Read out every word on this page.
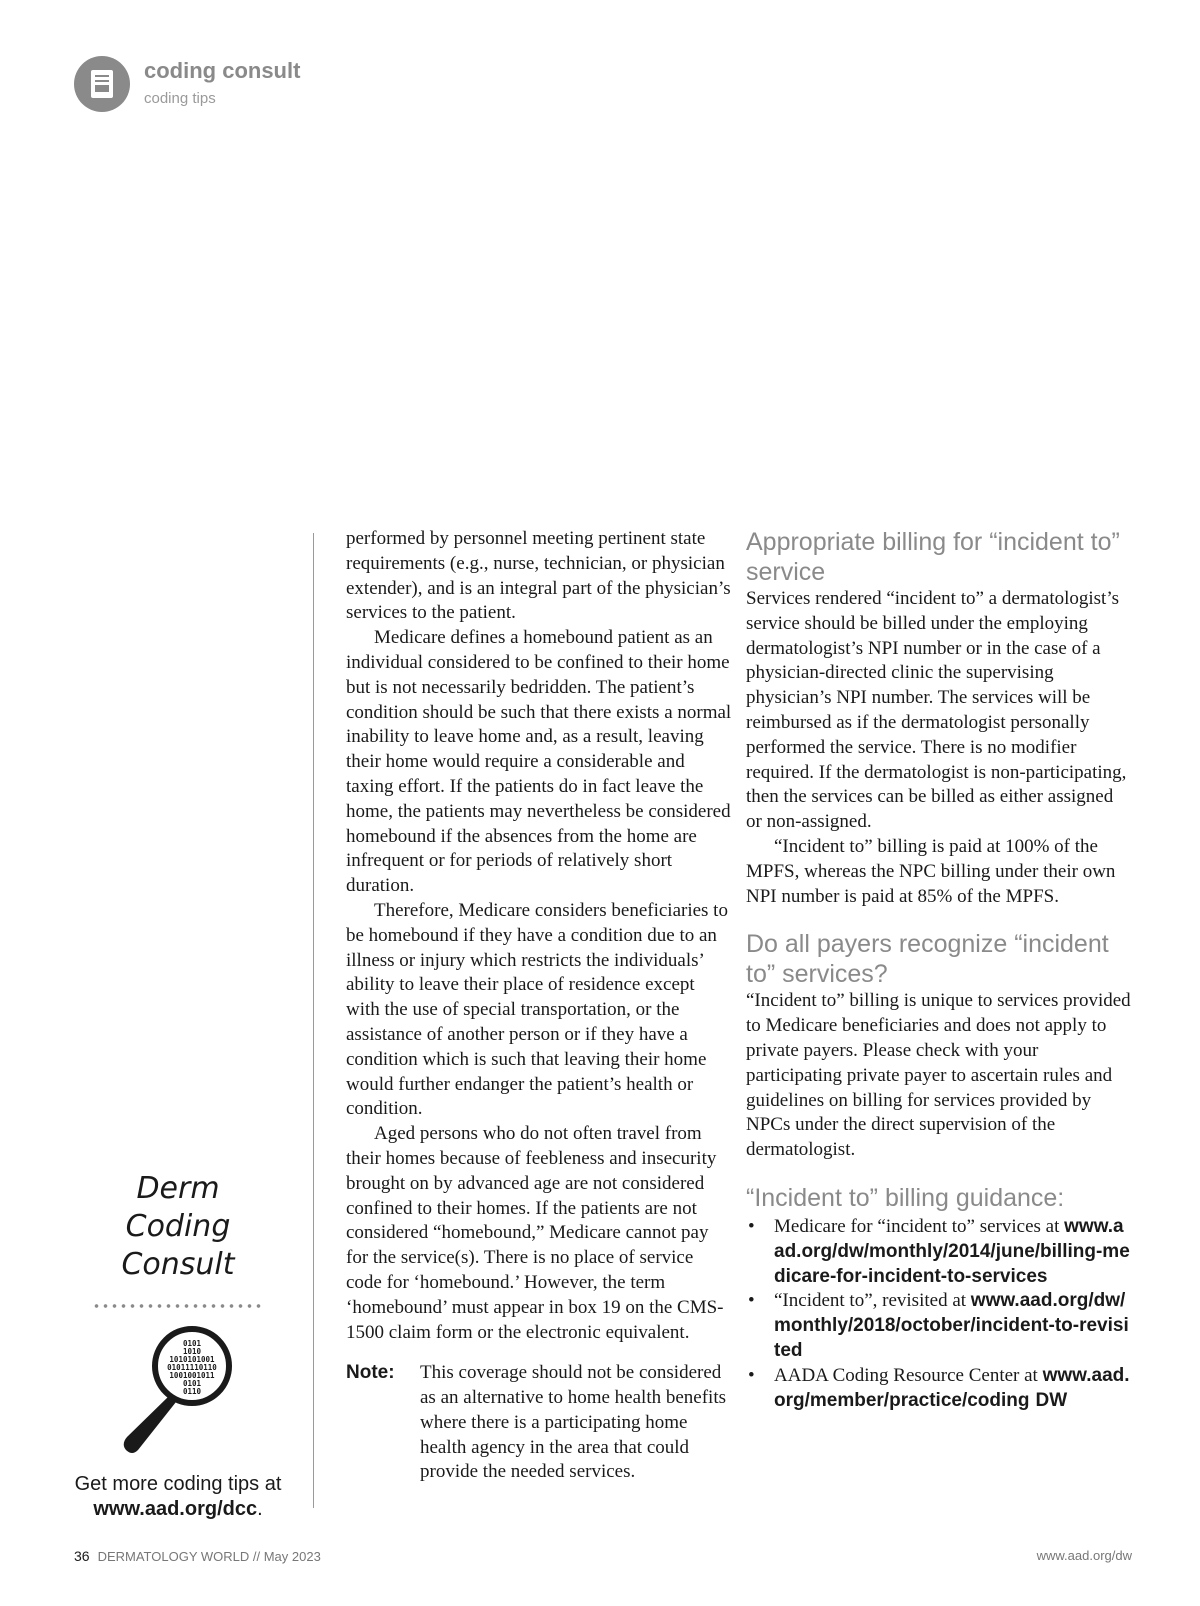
coding consult
coding tips
Derm
Coding
Consult
0101
1010
1010101001
01011110110
1001001011
0101
0110
Get more coding tips at www.aad.org/dcc.

performed by personnel meeting pertinent state requirements (e.g., nurse, technician, or physician extender), and is an integral part of the physician’s services to the patient.

Medicare defines a homebound patient as an individual considered to be confined to their home but is not necessarily bedridden. The patient’s condition should be such that there exists a normal inability to leave home and, as a result, leaving their home would require a considerable and taxing effort. If the patients do in fact leave the home, the patients may nevertheless be considered homebound if the absences from the home are infrequent or for periods of relatively short duration.

Therefore, Medicare considers beneficiaries to be homebound if they have a condition due to an illness or injury which restricts the individuals’ ability to leave their place of residence except with the use of special transportation, or the assistance of another person or if they have a condition which is such that leaving their home would further endanger the patient’s health or condition.

Aged persons who do not often travel from their homes because of feebleness and insecurity brought on by advanced age are not considered confined to their homes. If the patients are not considered “homebound,” Medicare cannot pay for the service(s). There is no place of service code for ‘homebound.’ However, the term ‘homebound’ must appear in box 19 on the CMS-1500 claim form or the electronic equivalent.

Note:	This coverage should not be considered as an alternative to home health benefits where there is a participating home health agency in the area that could provide the needed services.
Appropriate billing for “incident to” service

Services rendered “incident to” a dermatologist’s service should be billed under the employing dermatologist’s NPI number or in the case of a physician-directed clinic the supervising physician’s NPI number. The services will be reimbursed as if the dermatologist personally performed the service. There is no modifier required. If the dermatologist is non-participating, then the services can be billed as either assigned or non-assigned.

“Incident to” billing is paid at 100% of the MPFS, whereas the NPC billing under their own NPI number is paid at 85% of the MPFS.

Do all payers recognize “incident to” services?

“Incident to” billing is unique to services provided to Medicare beneficiaries and does not apply to private payers. Please check with your participating private payer to ascertain rules and guidelines on billing for services provided by NPCs under the direct supervision of the dermatologist.

“Incident to” billing guidance:
• Medicare for “incident to” services at www.aad.org/dw/monthly/2014/june/billing-medicare-for-incident-to-services
• “Incident to”, revisited at www.aad.org/dw/monthly/2018/october/incident-to-revisited
• AADA Coding Resource Center at www.aad.org/member/practice/coding DW
36 DERMATOLOGY WORLD // May 2023	www.aad.org/dw
